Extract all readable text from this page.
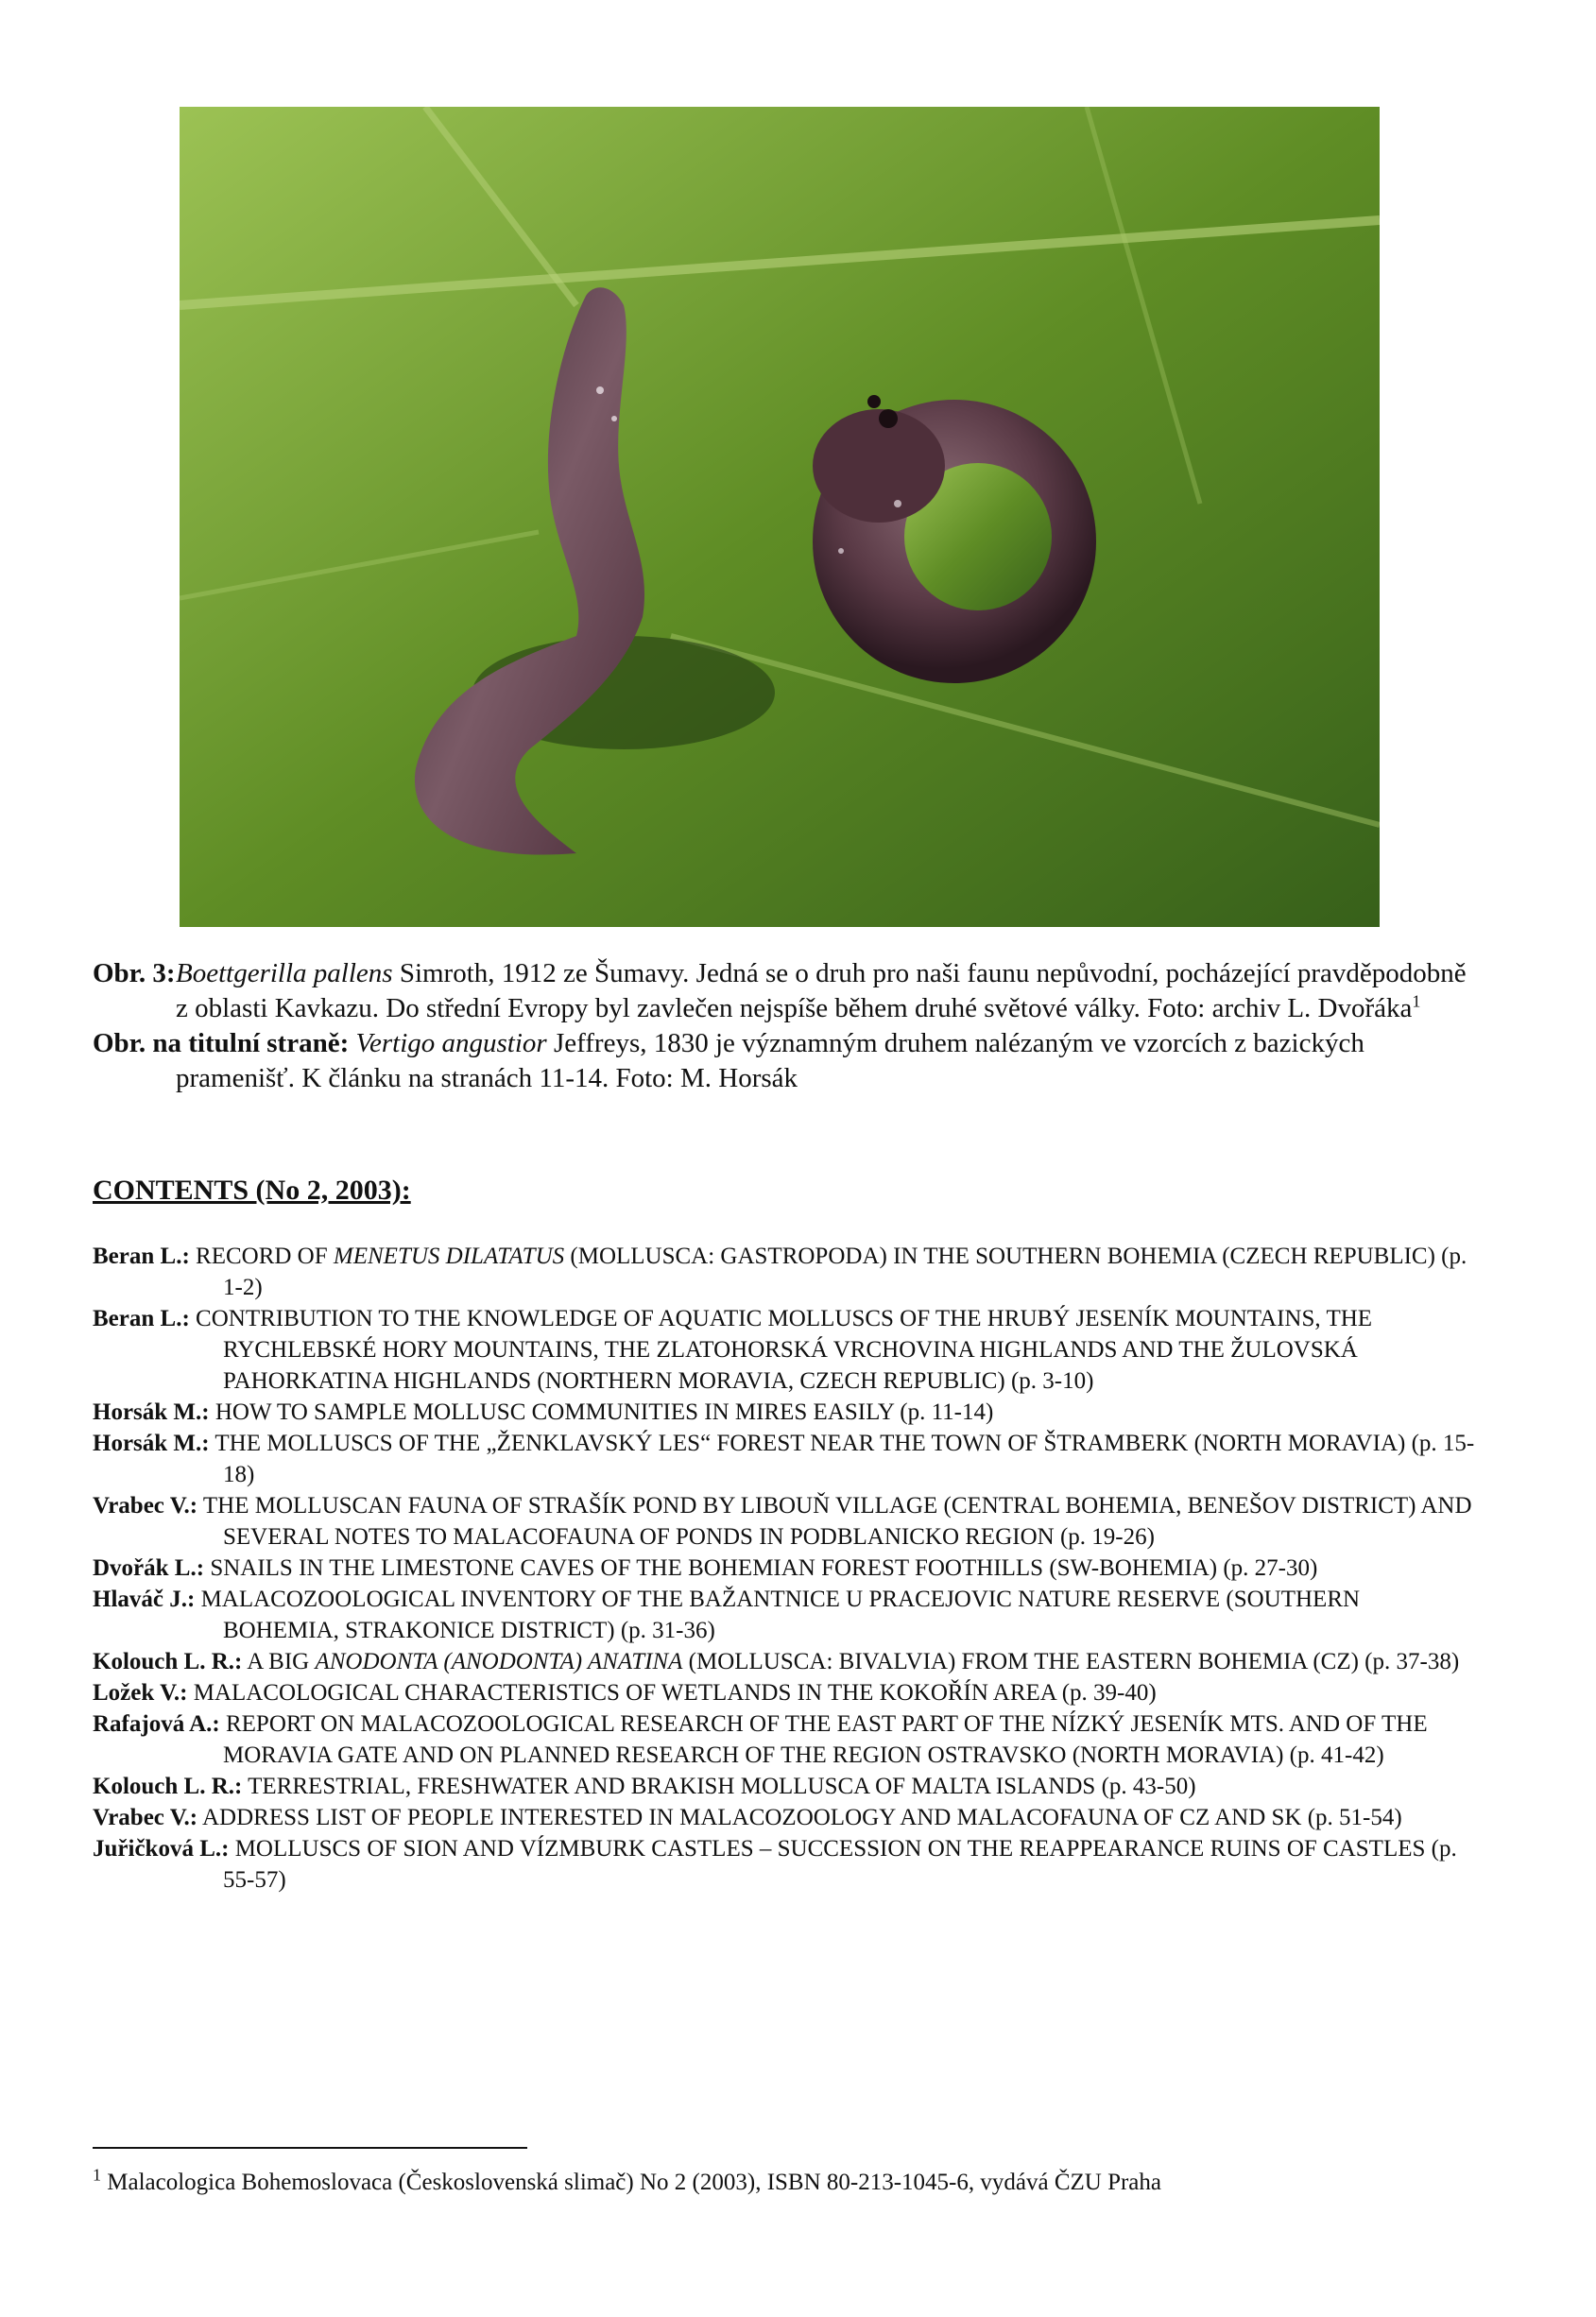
Obr. 3: Boettgerilla pallens Simroth, 1912 ze Šumavy. Jedná se o druh pro naši faunu nepůvodní, pocházející pravděpodobně z oblasti Kavkazu. Do střední Evropy byl zavlečen nejspíše během druhé světové války. Foto: archiv L. Dvořáka$^1$

Obr. na titulní straně: Vertigo angustior Jeffreys, 1830 je významným druhem nalézaným ve vzorcích z bazických pramenišť. K článku na stranách 11-14. Foto: M. Horsák

CONTENTS (No 2, 2003):

Beran L.: RECORD OF MENETUS DILATATUS (MOLLUSCA: GASTROPODA) IN THE SOUTHERN BOHEMIA (CZECH REPUBLIC) (p. 1-2)

Beran L.: CONTRIBUTION TO THE KNOWLEDGE OF AQUATIC MOLLUSCS OF THE HRUBÝ JESENÍK MOUNTAINS, THE RYCHLEBSKÉ HORY MOUNTAINS, THE ZLATOHORSKÁ VRCHOVINA HIGHLANDS AND THE ŽULOVSKÁ PAHORKATINA HIGHLANDS (NORTHERN MORAVIA, CZECH REPUBLIC) (p. 3-10)

Horsák M.: HOW TO SAMPLE MOLLUSC COMMUNITIES IN MIRES EASILY (p. 11-14)

Horsák M.: THE MOLLUSCS OF THE „ŽENKLAVSKÝ LES“ FOREST NEAR THE TOWN OF ŠTRAMBERK (NORTH MORAVIA) (p. 15-18)

Vrabec V.: THE MOLLUSCAN FAUNA OF STRAŠÍK POND BY LIBOUŇ VILLAGE (CENTRAL BOHEMIA, BENEŠOV DISTRICT) AND SEVERAL NOTES TO MALACOFAUNA OF PONDS IN PODBLANICKO REGION (p. 19-26)

Dvořák L.: SNAILS IN THE LIMESTONE CAVES OF THE BOHEMIAN FOREST FOOTHILLS (SW-BOHEMIA) (p. 27-30)

Hlaváč J.: MALACOZOOLOGICAL INVENTORY OF THE BAŽANTNICE U PRACEJOVIC NATURE RESERVE (SOUTHERN BOHEMIA, STRAKONICE DISTRICT) (p. 31-36)

Kolouch L. R.: A BIG ANODONTA (ANODONTA) ANATINA (MOLLUSCA: BIVALVIA) FROM THE EASTERN BOHEMIA (CZ) (p. 37-38)

Ložek V.: MALACOLOGICAL CHARACTERISTICS OF WETLANDS IN THE KOKOŘÍN AREA (p. 39-40)

Rafajová A.: REPORT ON MALACOZOOLOGICAL RESEARCH OF THE EAST PART OF THE NÍZKÝ JESENÍK MTS. AND OF THE MORAVIA GATE AND ON PLANNED RESEARCH OF THE REGION OSTRAVSKO (NORTH MORAVIA) (p. 41-42)

Kolouch L. R.: TERRESTRIAL, FRESHWATER AND BRAKISH MOLLUSCA OF MALTA ISLANDS (p. 43-50)

Vrabec V.: ADDRESS LIST OF PEOPLE INTERESTED IN MALACOZOOLOGY AND MALACOFAUNA OF CZ AND SK (p. 51-54)

Juřičková L.: MOLLUSCS OF SION AND VÍZMBURK CASTLES – SUCCESSION ON THE REAPPEARANCE RUINS OF CASTLES (p. 55-57)

$^1$ Malacologica Bohemoslovaca (Československá slimač) No 2 (2003), ISBN 80-213-1045-6, vydává ČZU Praha
